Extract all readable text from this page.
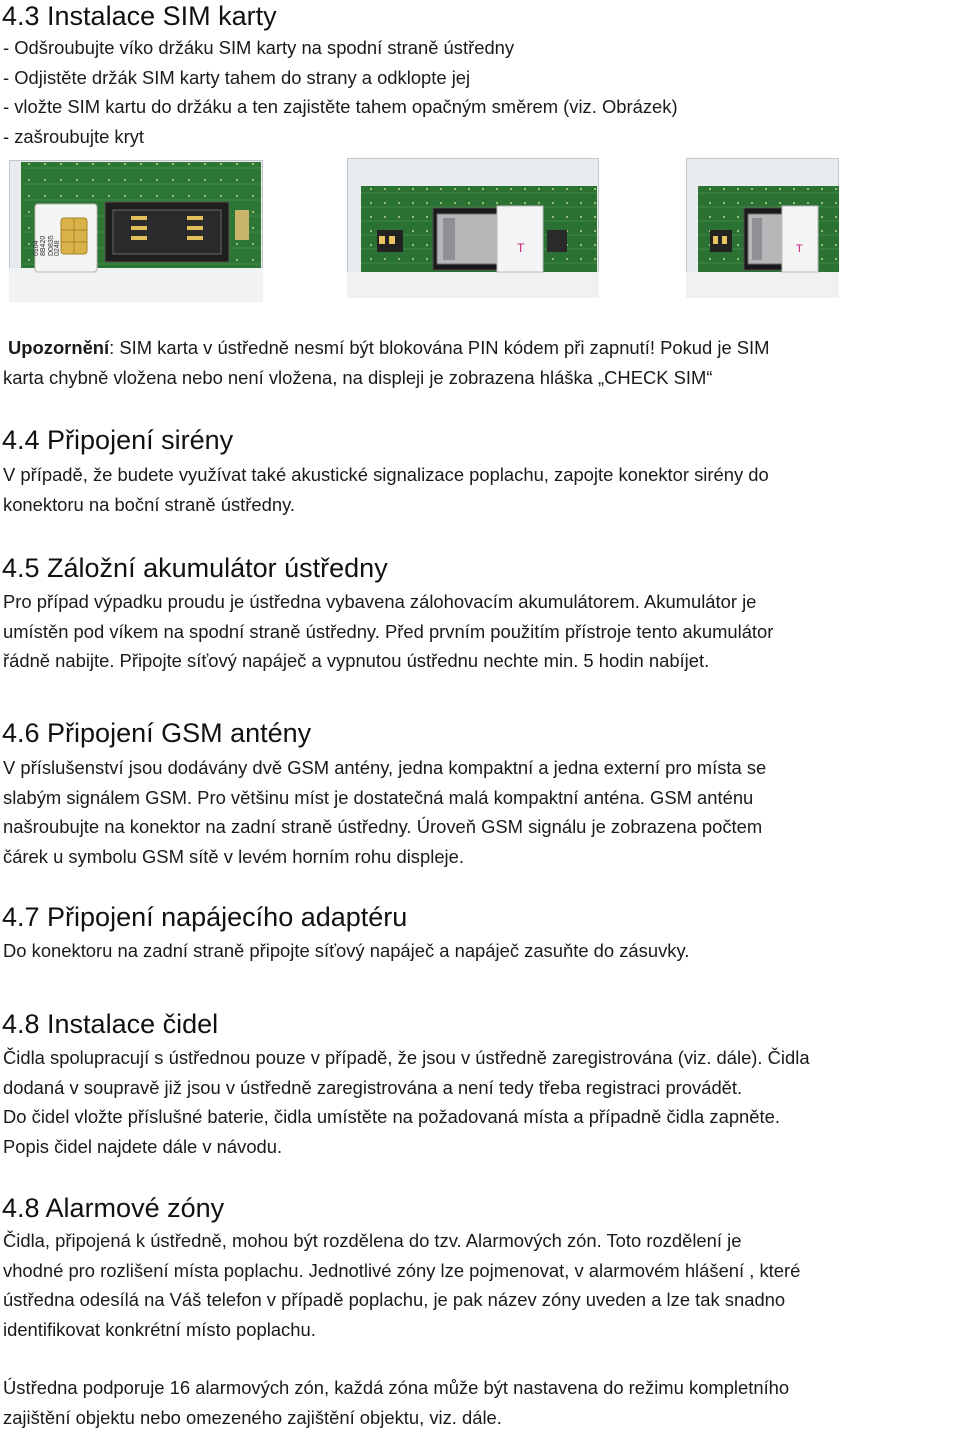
4.3 Instalace SIM karty
- Odšroubujte víko držáku SIM karty na spodní straně ústředny
- Odjistěte držák SIM karty tahem do strany a odklopte jej
- vložte SIM kartu do držáku a ten zajistěte tahem opačným směrem (viz. Obrázek)
- zašroubujte kryt
8B420 D0835
0104 0248	T	T
Upozornění: SIM karta v ústředně nesmí být blokována PIN kódem při zapnutí! Pokud je SIM
karta chybně vložena nebo není vložena, na displeji je zobrazena hláška „CHECK SIM“
4.4 Připojení sirény
V případě, že budete využívat také akustické signalizace poplachu, zapojte konektor sirény do
konektoru na boční straně ústředny.
4.5 Záložní akumulátor ústředny
Pro případ výpadku proudu je ústředna vybavena zálohovacím akumulátorem. Akumulátor je
umístěn pod víkem na spodní straně ústředny. Před prvním použitím přístroje tento akumulátor
řádně nabijte. Připojte síťový napáječ a vypnutou ústřednu nechte min. 5 hodin nabíjet.
4.6 Připojení GSM antény
V příslušenství jsou dodávány dvě GSM antény, jedna kompaktní a jedna externí pro místa se
slabým signálem GSM. Pro většinu míst je dostatečná malá kompaktní anténa. GSM anténu
našroubujte na konektor na zadní straně ústředny. Úroveň GSM signálu je zobrazena počtem
čárek u symbolu GSM sítě v levém horním rohu displeje.
4.7 Připojení napájecího adaptéru
Do konektoru na zadní straně připojte síťový napáječ a napáječ zasuňte do zásuvky.
4.8 Instalace čidel
Čidla spolupracují s ústřednou pouze v případě, že jsou v ústředně zaregistrována (viz. dále). Čidla
dodaná v soupravě již jsou v ústředně zaregistrována a není tedy třeba registraci provádět.
Do čidel vložte příslušné baterie, čidla umístěte na požadovaná místa a případně čidla zapněte.
Popis čidel najdete dále v návodu.
4.8 Alarmové zóny
Čidla, připojená k ústředně, mohou být rozdělena do tzv. Alarmových zón. Toto rozdělení je
vhodné pro rozlišení místa poplachu. Jednotlivé zóny lze pojmenovat, v alarmovém hlášení , které
ústředna odesílá na Váš telefon v případě poplachu, je pak název zóny uveden a lze tak snadno
identifikovat konkrétní místo poplachu.
Ústředna podporuje 16 alarmových zón, každá zóna může být nastavena do režimu kompletního
zajištění objektu nebo omezeného zajištění objektu, viz. dále.
